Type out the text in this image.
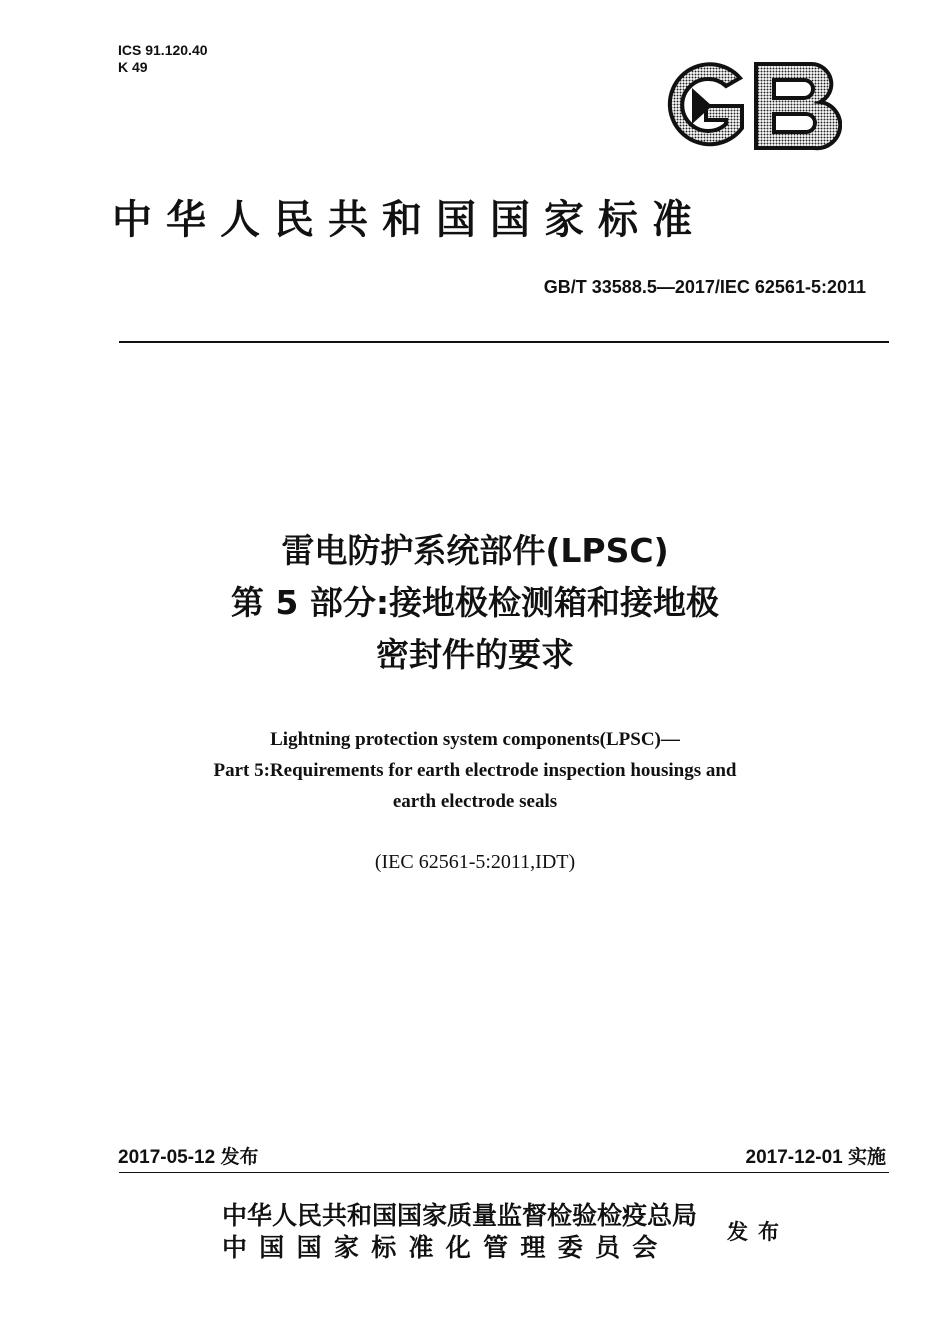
ICS 91.120.40
K 49
GB
中华人民共和国国家标准
GB/T 33588.5—2017/IEC 62561-5:2011
雷电防护系统部件(LPSC)
第 5 部分:接地极检测箱和接地极
密封件的要求
Lightning protection system components(LPSC)—
Part 5:Requirements for earth electrode inspection housings and
earth electrode seals
(IEC 62561-5:2011,IDT)
2017-05-12 发布	2017-12-01 实施
中华人民共和国国家质量监督检验检疫总局
中国国家标准化管理委员会
发布
